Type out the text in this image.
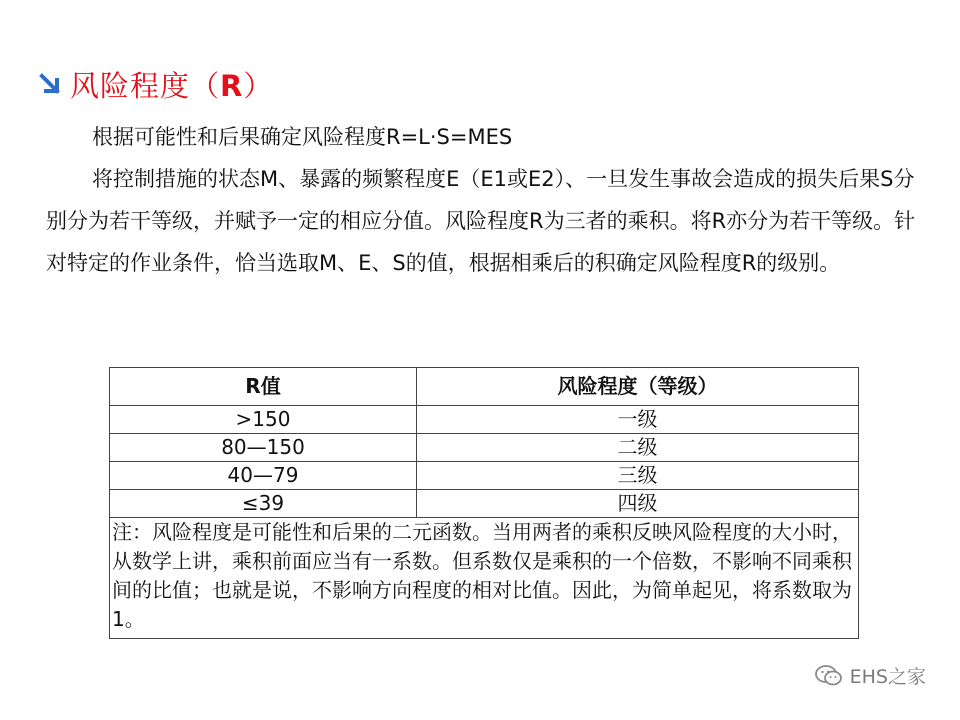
风险程度（R）
根据可能性和后果确定风险程度R=L·S=MES
将控制措施的状态M、暴露的频繁程度E（E1或E2）、一旦发生事故会造成的损失后果S分别分为若干等级，并赋予一定的相应分值。风险程度R为三者的乘积。将R亦分为若干等级。针对特定的作业条件，恰当选取M、E、S的值，根据相乘后的积确定风险程度R的级别。
R值	风险程度（等级）
>150	一级
80—150	二级
40—79	三级
≤39	四级
注：风险程度是可能性和后果的二元函数。当用两者的乘积反映风险程度的大小时，从数学上讲，乘积前面应当有一系数。但系数仅是乘积的一个倍数，不影响不同乘积间的比值；也就是说，不影响方向程度的相对比值。因此，为简单起见，将系数取为1。	
EHS之家
